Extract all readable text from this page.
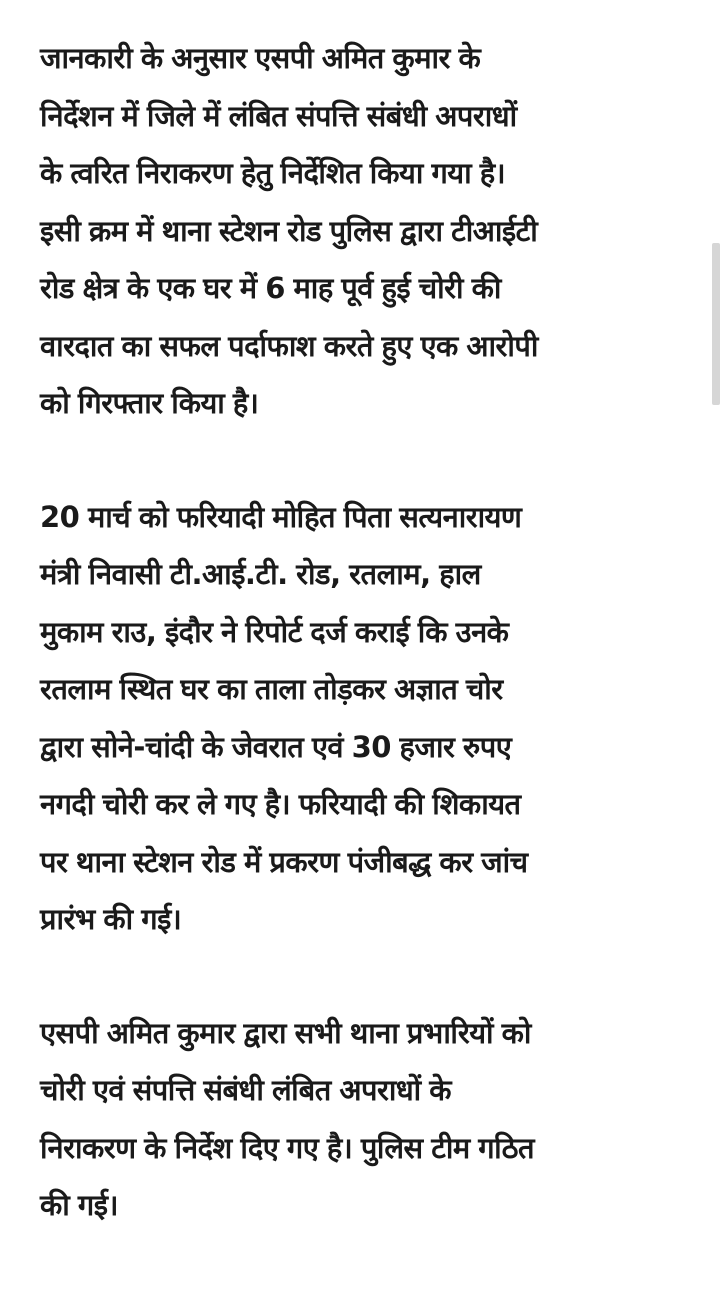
जानकारी के अनुसार एसपी अमित कुमार के
निर्देशन में जिले में लंबित संपत्ति संबंधी अपराधों
के त्वरित निराकरण हेतु निर्देशित किया गया है।
इसी क्रम में थाना स्टेशन रोड पुलिस द्वारा टीआईटी
रोड क्षेत्र के एक घर में 6 माह पूर्व हुई चोरी की
वारदात का सफल पर्दाफाश करते हुए एक आरोपी
को गिरफ्तार किया है।

20 मार्च को फरियादी मोहित पिता सत्यनारायण
मंत्री निवासी टी.आई.टी. रोड, रतलाम, हाल
मुकाम राउ, इंदौर ने रिपोर्ट दर्ज कराई कि उनके
रतलाम स्थित घर का ताला तोड़कर अज्ञात चोर
द्वारा सोने-चांदी के जेवरात एवं 30 हजार रुपए
नगदी चोरी कर ले गए है। फरियादी की शिकायत
पर थाना स्टेशन रोड में प्रकरण पंजीबद्ध कर जांच
प्रारंभ की गई।

एसपी अमित कुमार द्वारा सभी थाना प्रभारियों को
चोरी एवं संपत्ति संबंधी लंबित अपराधों के
निराकरण के निर्देश दिए गए है। पुलिस टीम गठित
की गई।
